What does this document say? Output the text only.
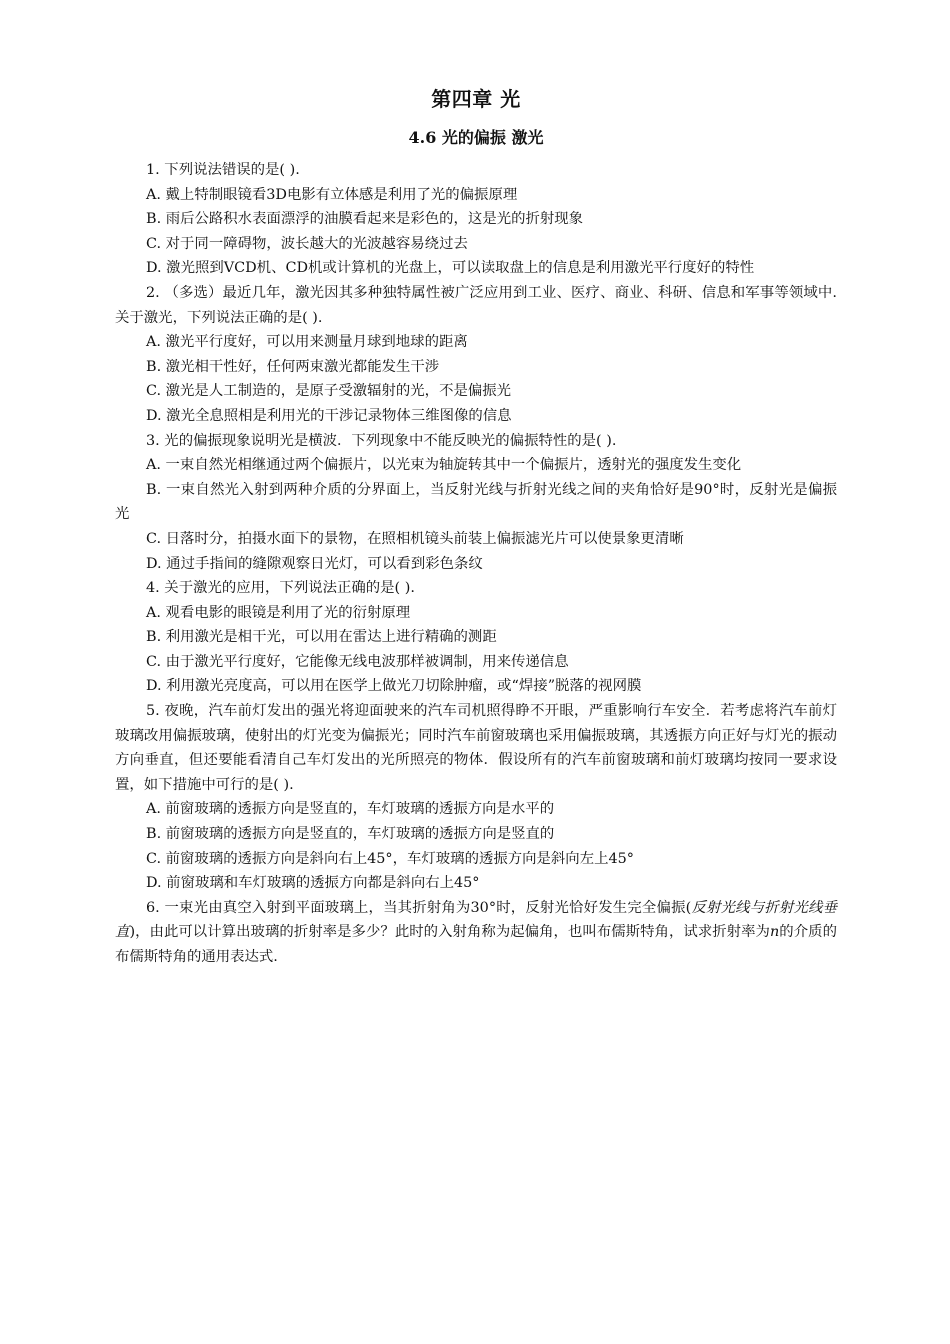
第四章 光
4.6 光的偏振 激光

1. 下列说法错误的是( ).

A. 戴上特制眼镜看3D电影有立体感是利用了光的偏振原理

B. 雨后公路积水表面漂浮的油膜看起来是彩色的，这是光的折射现象

C. 对于同一障碍物，波长越大的光波越容易绕过去

D. 激光照到VCD机、CD机或计算机的光盘上，可以读取盘上的信息是利用激光平行度好的特性

2. （多选）最近几年，激光因其多种独特属性被广泛应用到工业、医疗、商业、科研、信息和军事等领域中.关于激光，下列说法正确的是( ).

A. 激光平行度好，可以用来测量月球到地球的距离

B. 激光相干性好，任何两束激光都能发生干涉

C. 激光是人工制造的，是原子受激辐射的光，不是偏振光

D. 激光全息照相是利用光的干涉记录物体三维图像的信息

3. 光的偏振现象说明光是横波．下列现象中不能反映光的偏振特性的是( ).

A. 一束自然光相继通过两个偏振片，以光束为轴旋转其中一个偏振片，透射光的强度发生变化

B. 一束自然光入射到两种介质的分界面上，当反射光线与折射光线之间的夹角恰好是90°时，反射光是偏振光

C. 日落时分，拍摄水面下的景物，在照相机镜头前装上偏振滤光片可以使景象更清晰

D. 通过手指间的缝隙观察日光灯，可以看到彩色条纹

4. 关于激光的应用，下列说法正确的是( ).

A. 观看电影的眼镜是利用了光的衍射原理

B. 利用激光是相干光，可以用在雷达上进行精确的测距

C. 由于激光平行度好，它能像无线电波那样被调制，用来传递信息

D. 利用激光亮度高，可以用在医学上做光刀切除肿瘤，或“焊接”脱落的视网膜

5. 夜晚，汽车前灯发出的强光将迎面驶来的汽车司机照得睁不开眼，严重影响行车安全．若考虑将汽车前灯玻璃改用偏振玻璃，使射出的灯光变为偏振光；同时汽车前窗玻璃也采用偏振玻璃，其透振方向正好与灯光的振动方向垂直，但还要能看清自己车灯发出的光所照亮的物体．假设所有的汽车前窗玻璃和前灯玻璃均按同一要求设置，如下措施中可行的是( ).

A. 前窗玻璃的透振方向是竖直的，车灯玻璃的透振方向是水平的

B. 前窗玻璃的透振方向是竖直的，车灯玻璃的透振方向是竖直的

C. 前窗玻璃的透振方向是斜向右上45°，车灯玻璃的透振方向是斜向左上45°

D. 前窗玻璃和车灯玻璃的透振方向都是斜向右上45°

6. 一束光由真空入射到平面玻璃上，当其折射角为30°时，反射光恰好发生完全偏振(反射光线与折射光线垂直)，由此可以计算出玻璃的折射率是多少？此时的入射角称为起偏角，也叫布儒斯特角，试求折射率为n的介质的布儒斯特角的通用表达式.
